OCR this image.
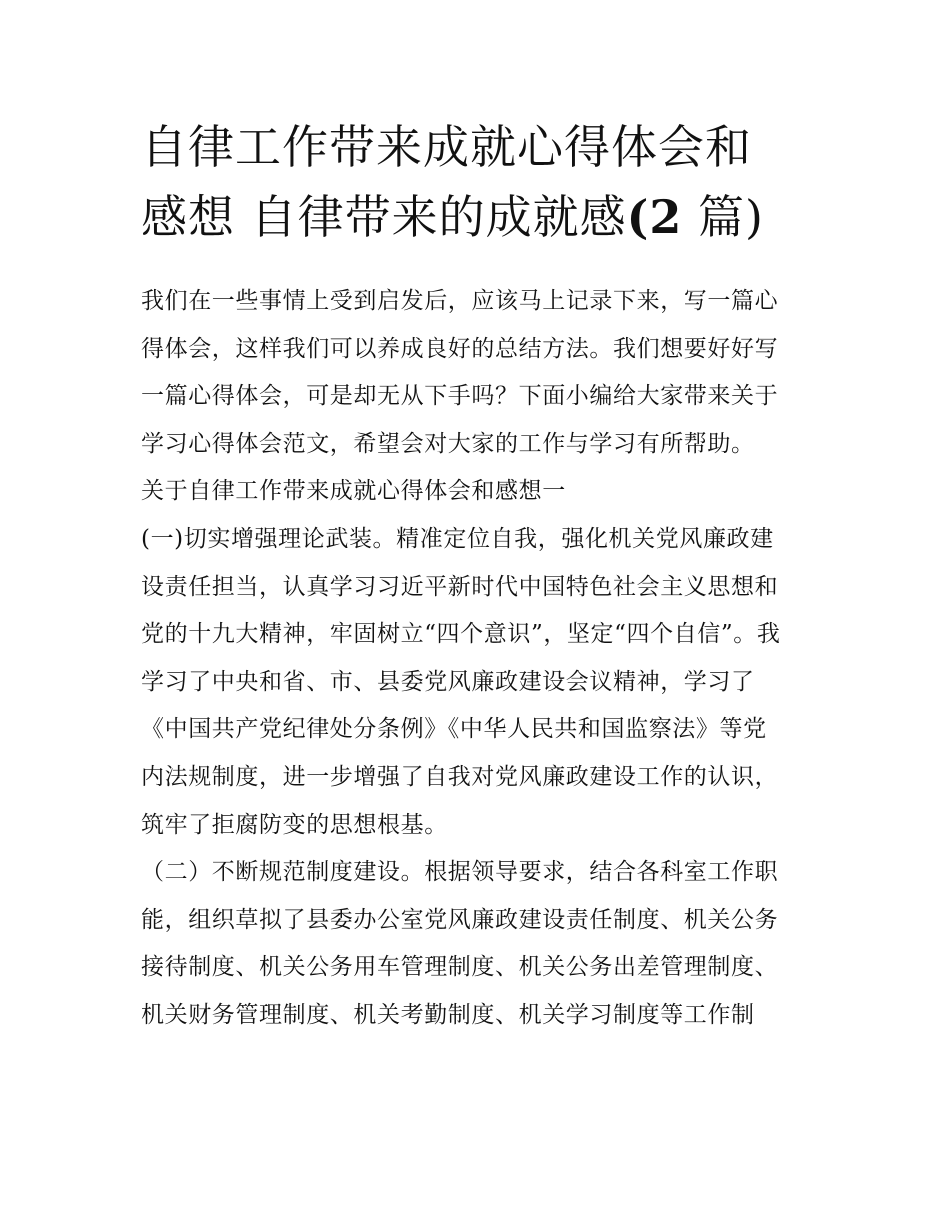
自律工作带来成就心得体会和
感想 自律带来的成就感(2 篇)
我们在一些事情上受到启发后，应该马上记录下来，写一篇心
得体会，这样我们可以养成良好的总结方法。我们想要好好写
一篇心得体会，可是却无从下手吗？下面小编给大家带来关于
学习心得体会范文，希望会对大家的工作与学习有所帮助。
关于自律工作带来成就心得体会和感想一
(一)切实增强理论武装。精准定位自我，强化机关党风廉政建
设责任担当，认真学习习近平新时代中国特色社会主义思想和
党的十九大精神，牢固树立“四个意识”，坚定“四个自信”。我
学习了中央和省、市、县委党风廉政建设会议精神，学习了
《中国共产党纪律处分条例》《中华人民共和国监察法》等党
内法规制度，进一步增强了自我对党风廉政建设工作的认识，
筑牢了拒腐防变的思想根基。
（二）不断规范制度建设。根据领导要求，结合各科室工作职
能，组织草拟了县委办公室党风廉政建设责任制度、机关公务
接待制度、机关公务用车管理制度、机关公务出差管理制度、
机关财务管理制度、机关考勤制度、机关学习制度等工作制
